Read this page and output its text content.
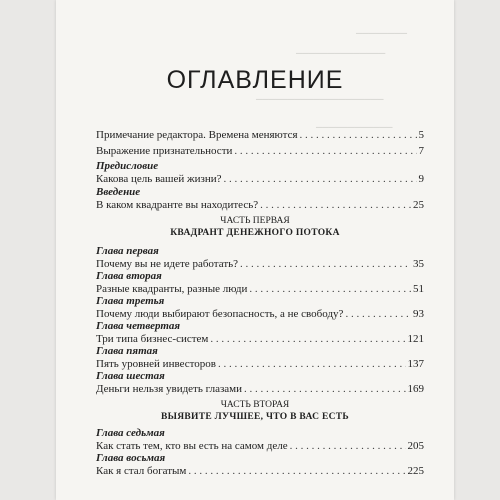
────────
──────────────
────────────────────
────────────
ОГЛАВЛЕНИЕ
Примечание редактора. Времена меняются . . .	5
Выражение признательности . . .	7
Предисловие
Какова цель вашей жизни? . . .	9
Введение
В каком квадранте вы находитесь? . . .	25
ЧАСТЬ ПЕРВАЯ
КВАДРАНТ ДЕНЕЖНОГО ПОТОКА
Глава первая
Почему вы не идете работать? . . .	35
Глава вторая
Разные квадранты, разные люди . . .	51
Глава третья
Почему люди выбирают безопасность, а не свободу? . . .	93
Глава четвертая
Три типа бизнес-систем . . .	121
Глава пятая
Пять уровней инвесторов . . .	137
Глава шестая
Деньги нельзя увидеть глазами . . .	169
ЧАСТЬ ВТОРАЯ
ВЫЯВИТЕ ЛУЧШЕЕ, ЧТО В ВАС ЕСТЬ
Глава седьмая
Как стать тем, кто вы есть на самом деле . . .	205
Глава восьмая
Как я стал богатым . . .	225
